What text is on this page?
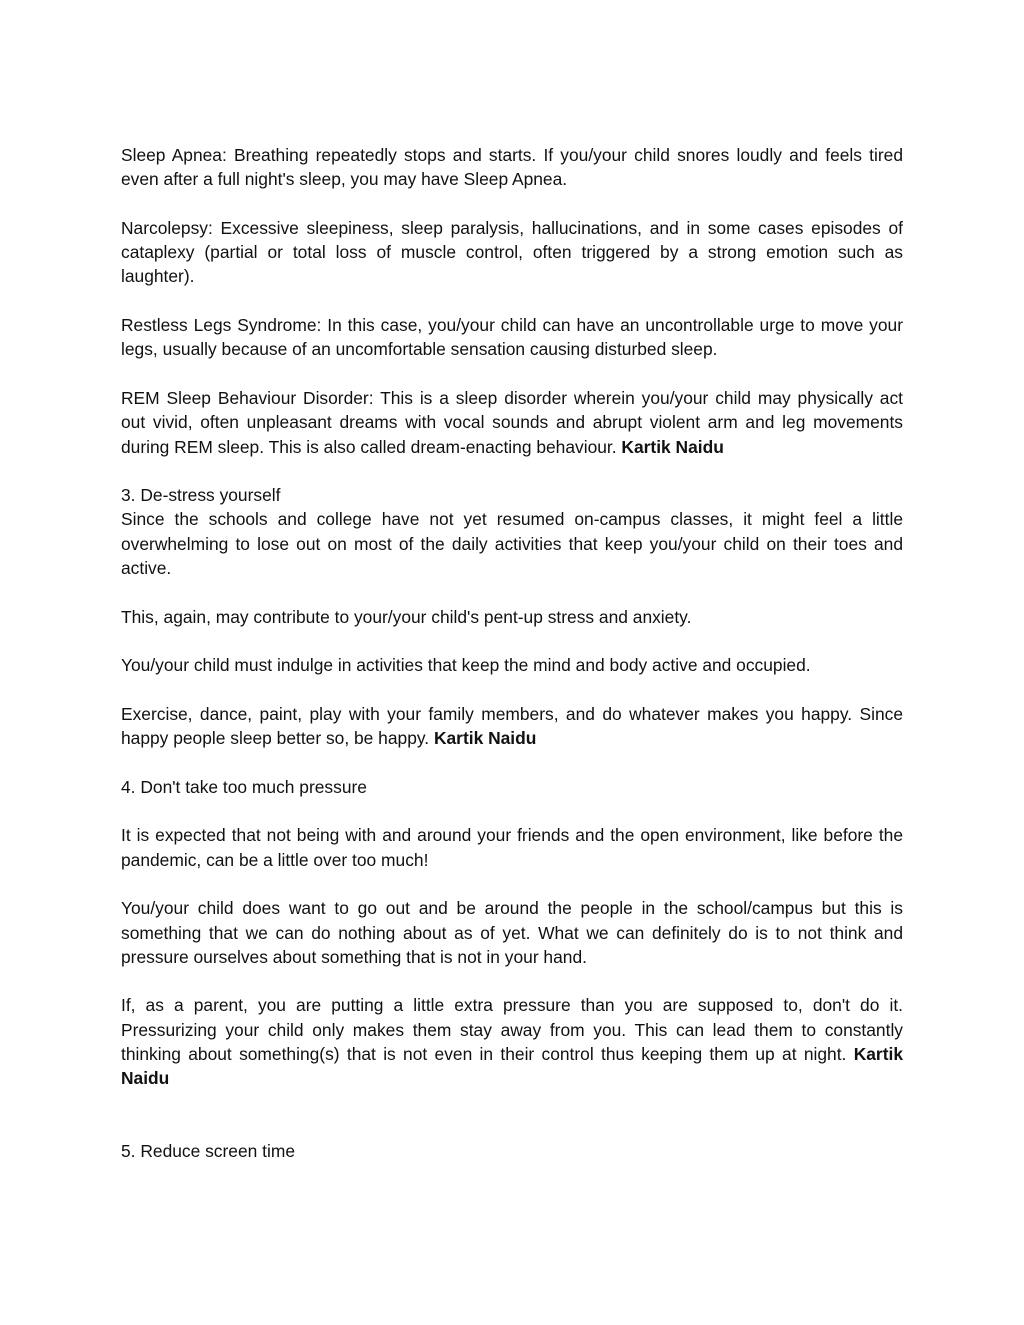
Sleep Apnea: Breathing repeatedly stops and starts. If you/your child snores loudly and feels tired even after a full night's sleep, you may have Sleep Apnea.

Narcolepsy: Excessive sleepiness, sleep paralysis, hallucinations, and in some cases episodes of cataplexy (partial or total loss of muscle control, often triggered by a strong emotion such as laughter).

Restless Legs Syndrome: In this case, you/your child can have an uncontrollable urge to move your legs, usually because of an uncomfortable sensation causing disturbed sleep.

REM Sleep Behaviour Disorder: This is a sleep disorder wherein you/your child may physically act out vivid, often unpleasant dreams with vocal sounds and abrupt violent arm and leg movements during REM sleep. This is also called dream-enacting behaviour. Kartik Naidu

3. De-stress yourself

Since the schools and college have not yet resumed on-campus classes, it might feel a little overwhelming to lose out on most of the daily activities that keep you/your child on their toes and active.

This, again, may contribute to your/your child's pent-up stress and anxiety.

You/your child must indulge in activities that keep the mind and body active and occupied.

Exercise, dance, paint, play with your family members, and do whatever makes you happy. Since happy people sleep better so, be happy. Kartik Naidu

4. Don't take too much pressure

It is expected that not being with and around your friends and the open environment, like before the pandemic, can be a little over too much!

You/your child does want to go out and be around the people in the school/campus but this is something that we can do nothing about as of yet. What we can definitely do is to not think and pressure ourselves about something that is not in your hand.

If, as a parent, you are putting a little extra pressure than you are supposed to, don't do it. Pressurizing your child only makes them stay away from you. This can lead them to constantly thinking about something(s) that is not even in their control thus keeping them up at night. Kartik Naidu

5. Reduce screen time
